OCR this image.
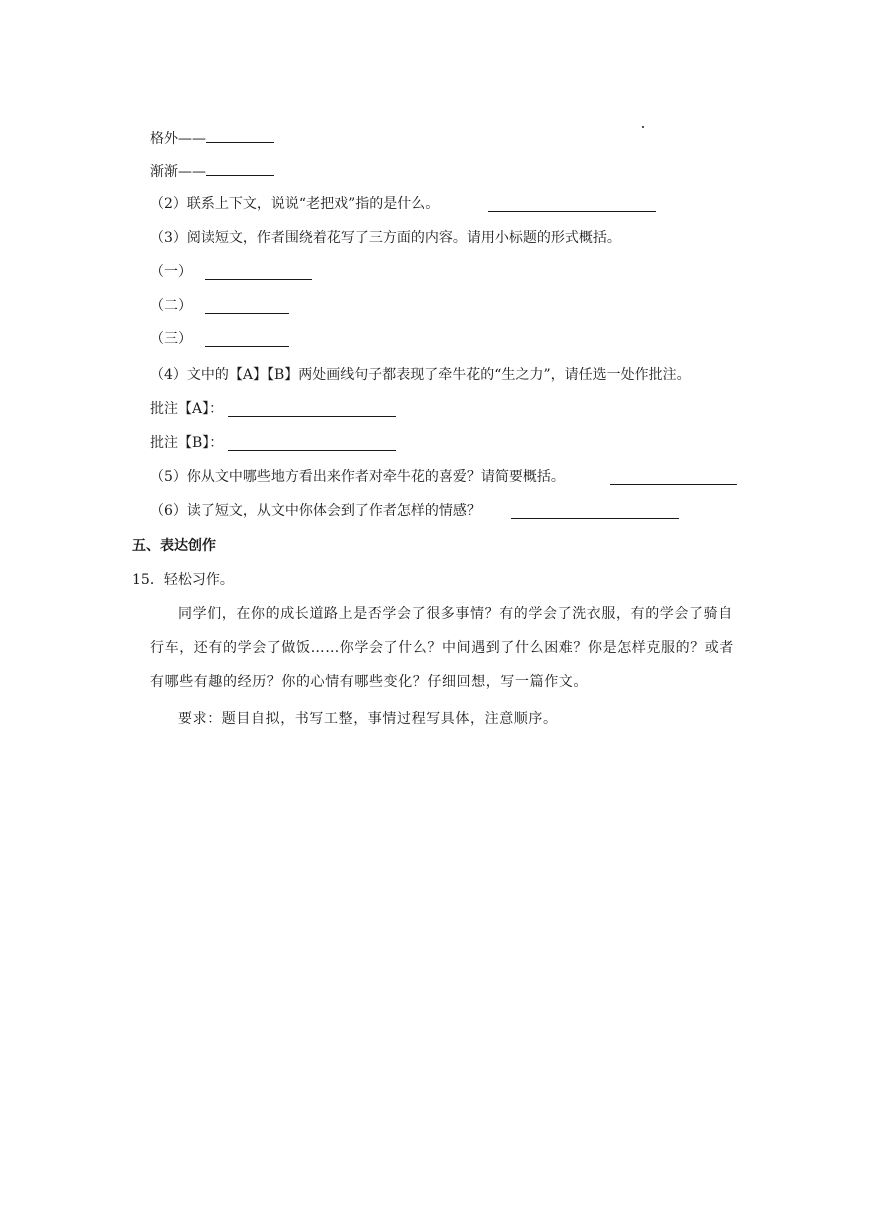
格外——
渐渐——
（2）联系上下文，说说“老把戏”指的是什么。
（3）阅读短文，作者围绕着花写了三方面的内容。请用小标题的形式概括。
（一）
（二）
（三）
（4）文中的【A】【B】两处画线句子都表现了牵牛花的“生之力”，请任选一处作批注。
批注【A】：
批注【B】：
（5）你从文中哪些地方看出来作者对牵牛花的喜爱？请简要概括。
（6）读了短文，从文中你体会到了作者怎样的情感？
五、表达创作
15．轻松习作。
同学们，在你的成长道路上是否学会了很多事情？有的学会了洗衣服，有的学会了骑自行车，还有的学会了做饭……你学会了什么？中间遇到了什么困难？你是怎样克服的？或者有哪些有趣的经历？你的心情有哪些变化？仔细回想，写一篇作文。
要求：题目自拟，书写工整，事情过程写具体，注意顺序。
